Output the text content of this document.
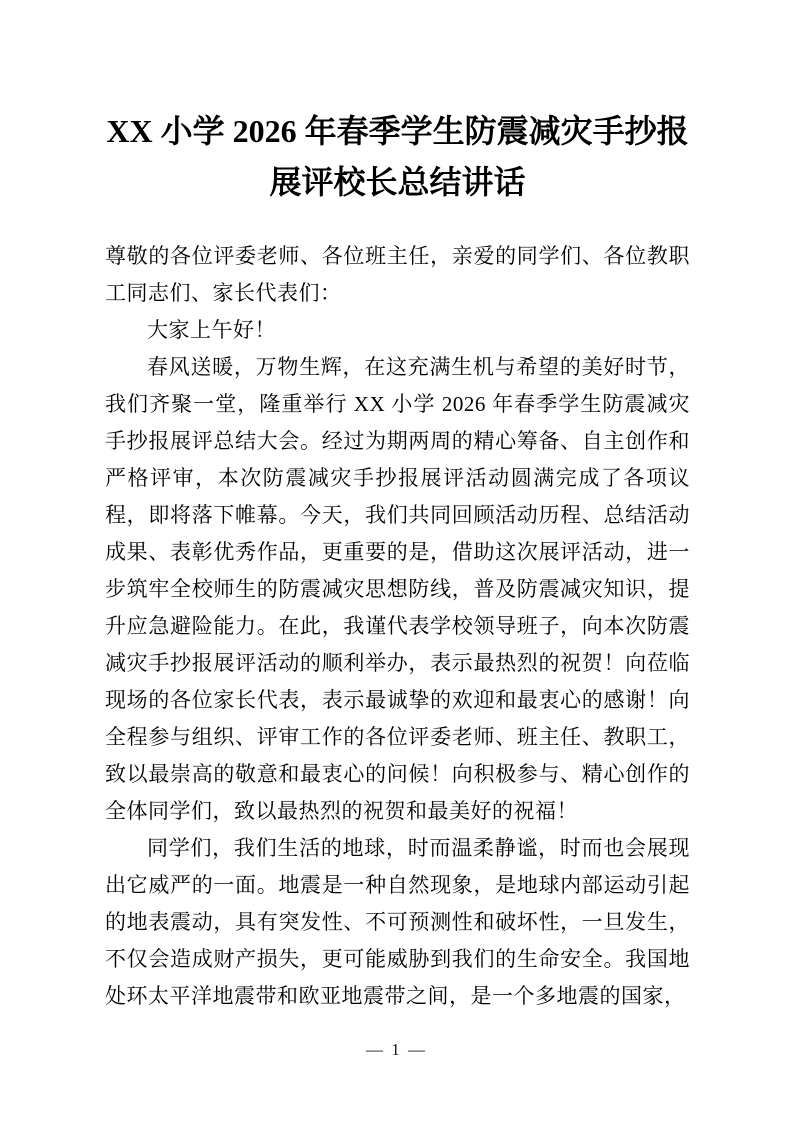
XX 小学 2026 年春季学生防震减灾手抄报展评校长总结讲话

尊敬的各位评委老师、各位班主任，亲爱的同学们、各位教职工同志们、家长代表们：

大家上午好！

春风送暖，万物生辉，在这充满生机与希望的美好时节，我们齐聚一堂，隆重举行 XX 小学 2026 年春季学生防震减灾手抄报展评总结大会。经过为期两周的精心筹备、自主创作和严格评审，本次防震减灾手抄报展评活动圆满完成了各项议程，即将落下帷幕。今天，我们共同回顾活动历程、总结活动成果、表彰优秀作品，更重要的是，借助这次展评活动，进一步筑牢全校师生的防震减灾思想防线，普及防震减灾知识，提升应急避险能力。在此，我谨代表学校领导班子，向本次防震减灾手抄报展评活动的顺利举办，表示最热烈的祝贺！向莅临现场的各位家长代表，表示最诚挚的欢迎和最衷心的感谢！向全程参与组织、评审工作的各位评委老师、班主任、教职工，致以最崇高的敬意和最衷心的问候！向积极参与、精心创作的全体同学们，致以最热烈的祝贺和最美好的祝福！

同学们，我们生活的地球，时而温柔静谧，时而也会展现出它威严的一面。地震是一种自然现象，是地球内部运动引起的地表震动，具有突发性、不可预测性和破坏性，一旦发生，不仅会造成财产损失，更可能威胁到我们的生命安全。我国地处环太平洋地震带和欧亚地震带之间，是一个多地震的国家，

— 1 —
